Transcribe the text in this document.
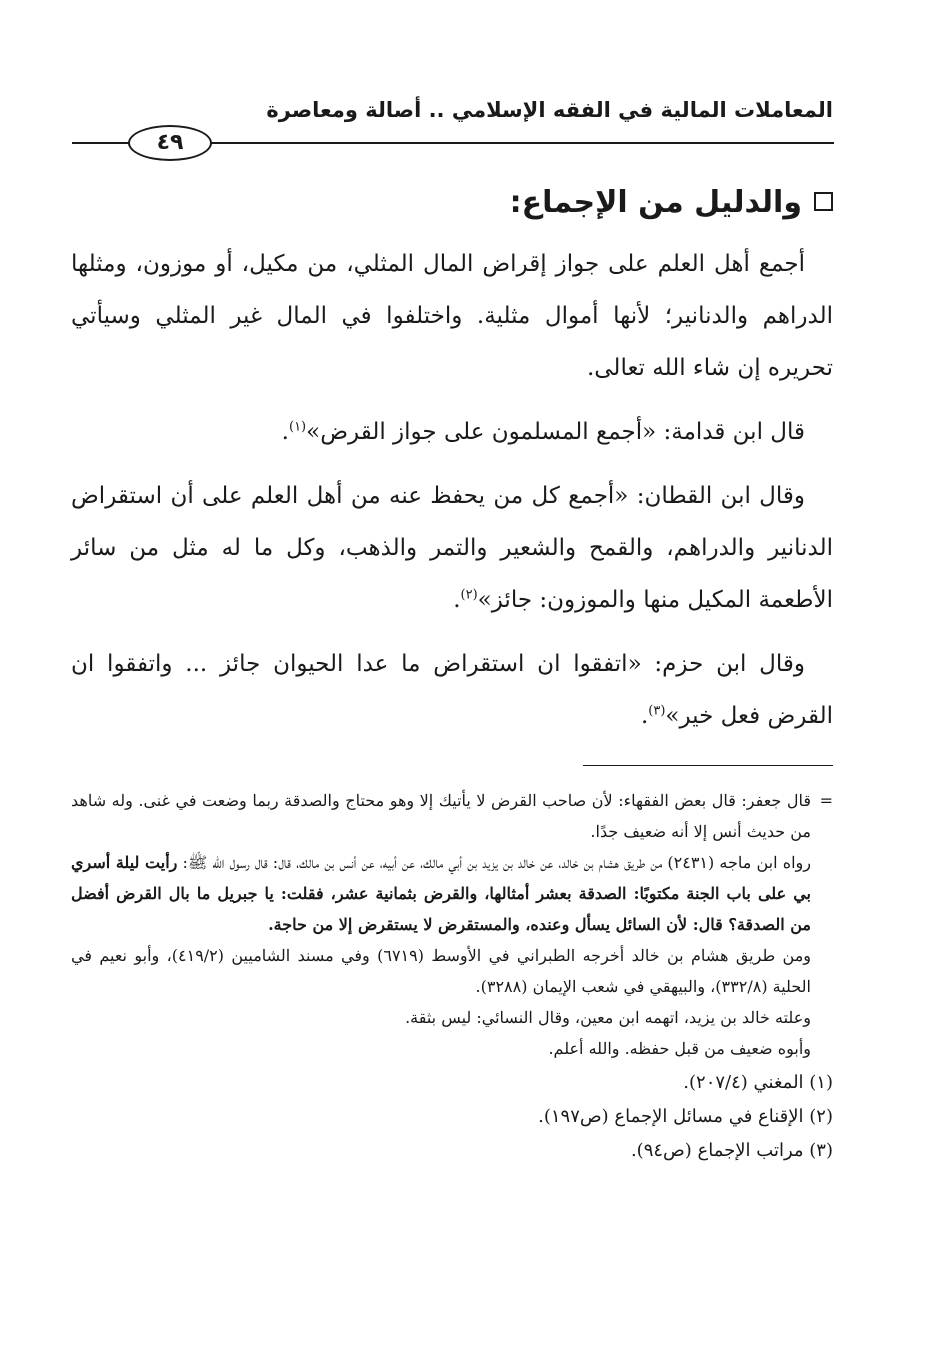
المعاملات المالية في الفقه الإسلامي .. أصالة ومعاصرة
٤٩
والدليل من الإجماع:

أجمع أهل العلم على جواز إقراض المال المثلي، من مكيل، أو موزون، ومثلها الدراهم والدنانير؛ لأنها أموال مثلية. واختلفوا في المال غير المثلي وسيأتي تحريره إن شاء الله تعالى.

قال ابن قدامة: «أجمع المسلمون على جواز القرض»$^{(١)}$.

وقال ابن القطان: «أجمع كل من يحفظ عنه من أهل العلم على أن استقراض الدنانير والدراهم، والقمح والشعير والتمر والذهب، وكل ما له مثل من سائر الأطعمة المكيل منها والموزون: جائز»$^{(٢)}$.

وقال ابن حزم: «اتفقوا ان استقراض ما عدا الحيوان جائز ... واتفقوا ان القرض فعل خير»$^{(٣)}$.

=
قال جعفر: قال بعض الفقهاء: لأن صاحب القرض لا يأتيك إلا وهو محتاج والصدقة ربما وضعت في غنى. وله شاهد من حديث أنس إلا أنه ضعيف جدًا.

رواه ابن ماجه (٢٤٣١) من طريق هشام بن خالد، عن خالد بن يزيد بن أبي مالك، عن أبيه، عن أنس بن مالك، قال: قال رسول الله ﷺ: رأيت ليلة أسري بي على باب الجنة مكتوبًا: الصدقة بعشر أمثالها، والقرض بثمانية عشر، فقلت: يا جبريل ما بال القرض أفضل من الصدقة؟ قال: لأن السائل يسأل وعنده، والمستقرض لا يستقرض إلا من حاجة.

ومن طريق هشام بن خالد أخرجه الطبراني في الأوسط (٦٧١٩) وفي مسند الشاميين (٤١٩/٢)، وأبو نعيم في الحلية (٣٣٢/٨)، والبيهقي في شعب الإيمان (٣٢٨٨).

وعلته خالد بن يزيد، اتهمه ابن معين، وقال النسائي: ليس بثقة.

وأبوه ضعيف من قبل حفظه. والله أعلم.

(١) المغني (٢٠٧/٤).

(٢) الإقناع في مسائل الإجماع (ص١٩٧).

(٣) مراتب الإجماع (ص٩٤).
